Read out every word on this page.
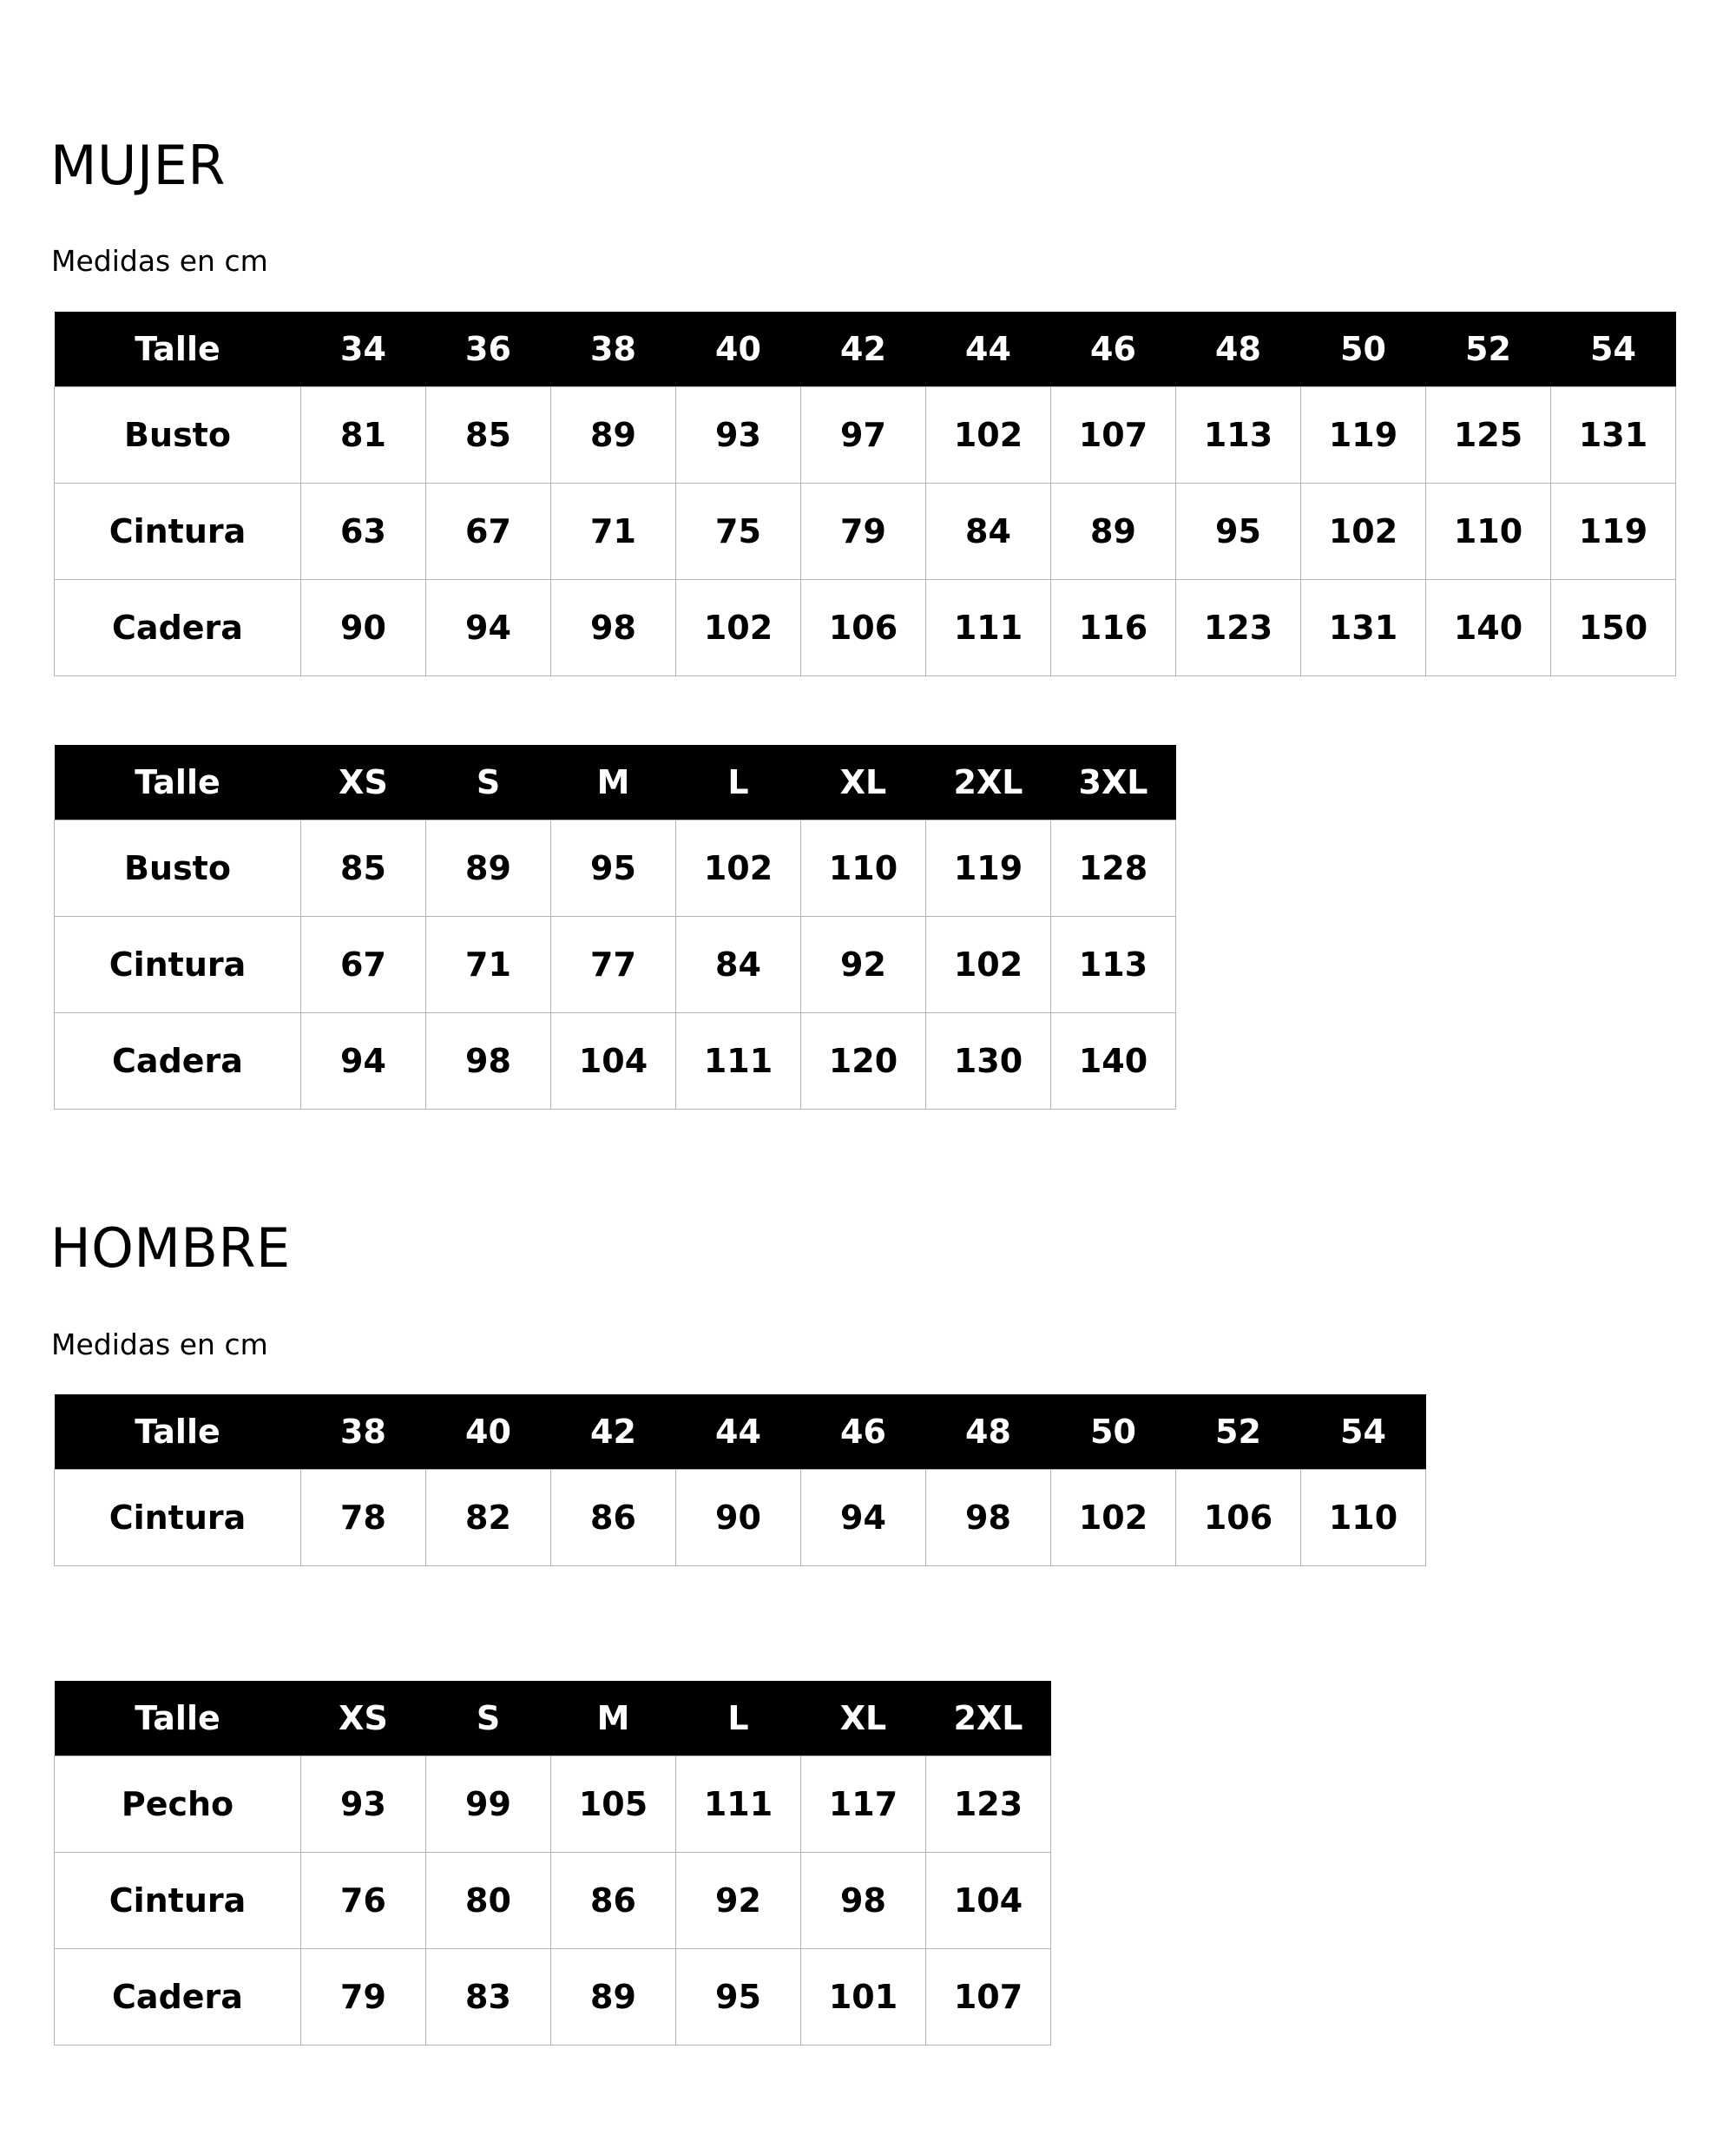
MUJER

Medidas en cm

Talle	34	36	38	40	42	44	46	48	50	52	54
Busto	81	85	89	93	97	102	107	113	119	125	131
Cintura	63	67	71	75	79	84	89	95	102	110	119
Cadera	90	94	98	102	106	111	116	123	131	140	150
Talle	XS	S	M	L	XL	2XL	3XL
Busto	85	89	95	102	110	119	128
Cintura	67	71	77	84	92	102	113
Cadera	94	98	104	111	120	130	140
HOMBRE

Medidas en cm

Talle	38	40	42	44	46	48	50	52	54
Cintura	78	82	86	90	94	98	102	106	110
Talle	XS	S	M	L	XL	2XL
Pecho	93	99	105	111	117	123
Cintura	76	80	86	92	98	104
Cadera	79	83	89	95	101	107
